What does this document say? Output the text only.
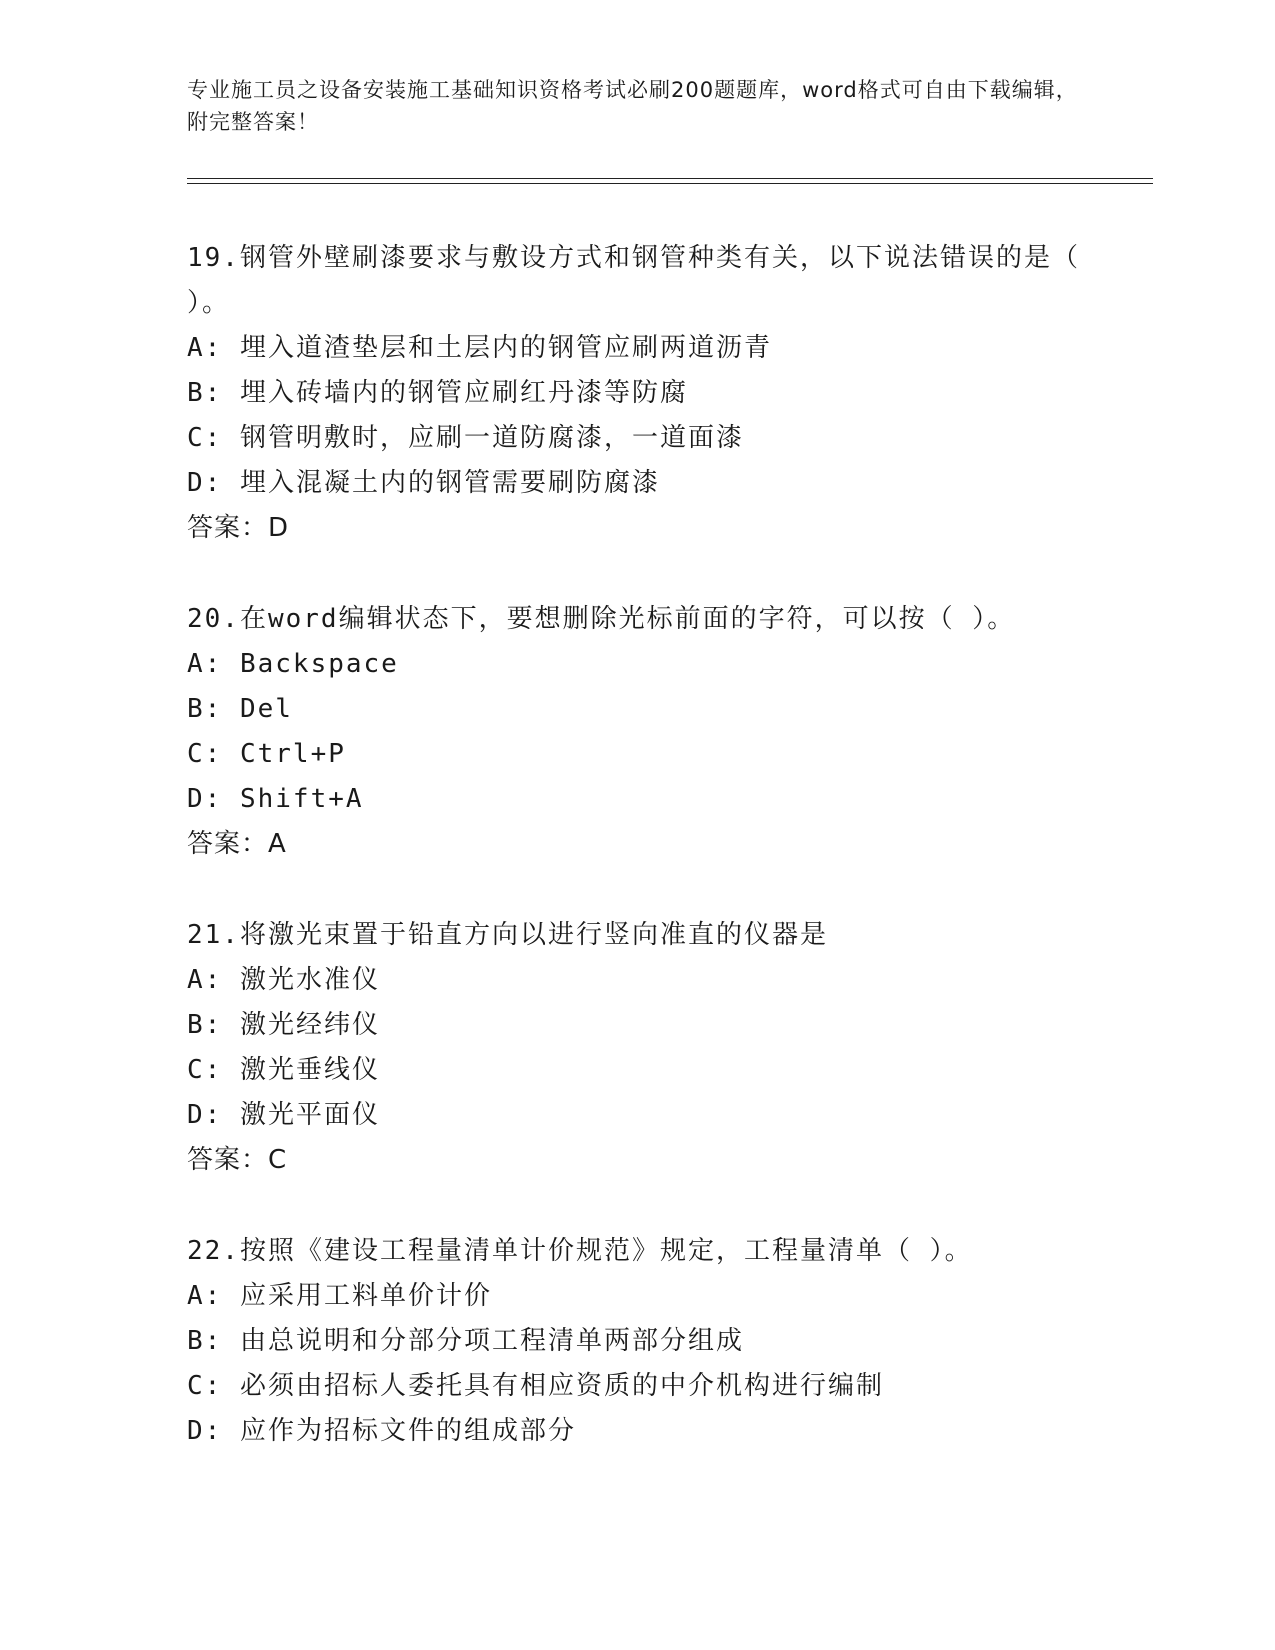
专业施工员之设备安装施工基础知识资格考试必刷200题题库，word格式可自由下载编辑，附完整答案！

19.钢管外壁刷漆要求与敷设方式和钢管种类有关，以下说法错误的是（ ）。

A: 埋入道渣垫层和土层内的钢管应刷两道沥青

B: 埋入砖墙内的钢管应刷红丹漆等防腐

C: 钢管明敷时，应刷一道防腐漆，一道面漆

D: 埋入混凝土内的钢管需要刷防腐漆

答案：D

20.在word编辑状态下，要想删除光标前面的字符，可以按（ ）。

A: Backspace

B: Del

C: Ctrl+P

D: Shift+A

答案：A

21.将激光束置于铅直方向以进行竖向准直的仪器是

A: 激光水准仪

B: 激光经纬仪

C: 激光垂线仪

D: 激光平面仪

答案：C

22.按照《建设工程量清单计价规范》规定，工程量清单（ ）。

A: 应采用工料单价计价

B: 由总说明和分部分项工程清单两部分组成

C: 必须由招标人委托具有相应资质的中介机构进行编制

D: 应作为招标文件的组成部分
